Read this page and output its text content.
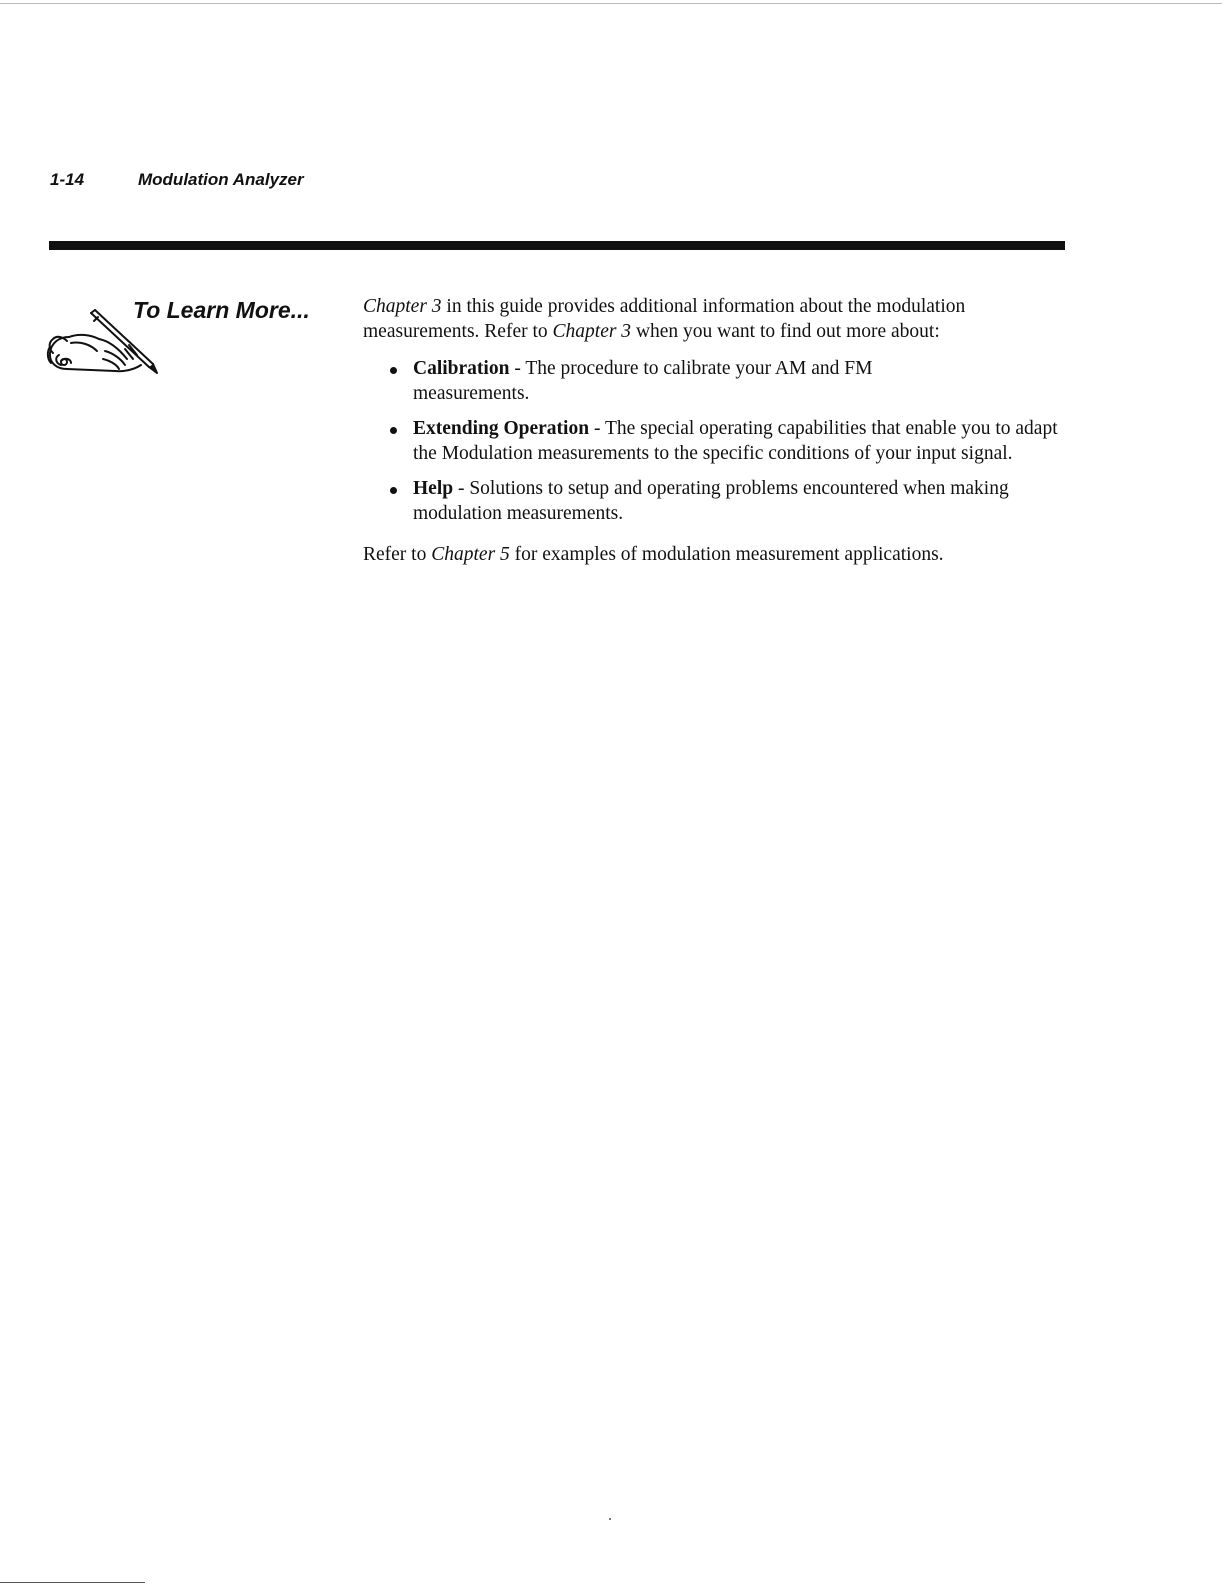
1-14	Modulation Analyzer
To Learn More...	Chapter 3 in this guide provides additional information about the modulation measurements. Refer to Chapter 3 when you want to find out more about:

Calibration - The procedure to calibrate your AM and FM measurements.
Extending Operation - The special operating capabilities that enable you to adapt the Modulation measurements to the specific conditions of your input signal.
Help - Solutions to setup and operating problems encountered when making modulation measurements.

Refer to Chapter 5 for examples of modulation measurement applications.
